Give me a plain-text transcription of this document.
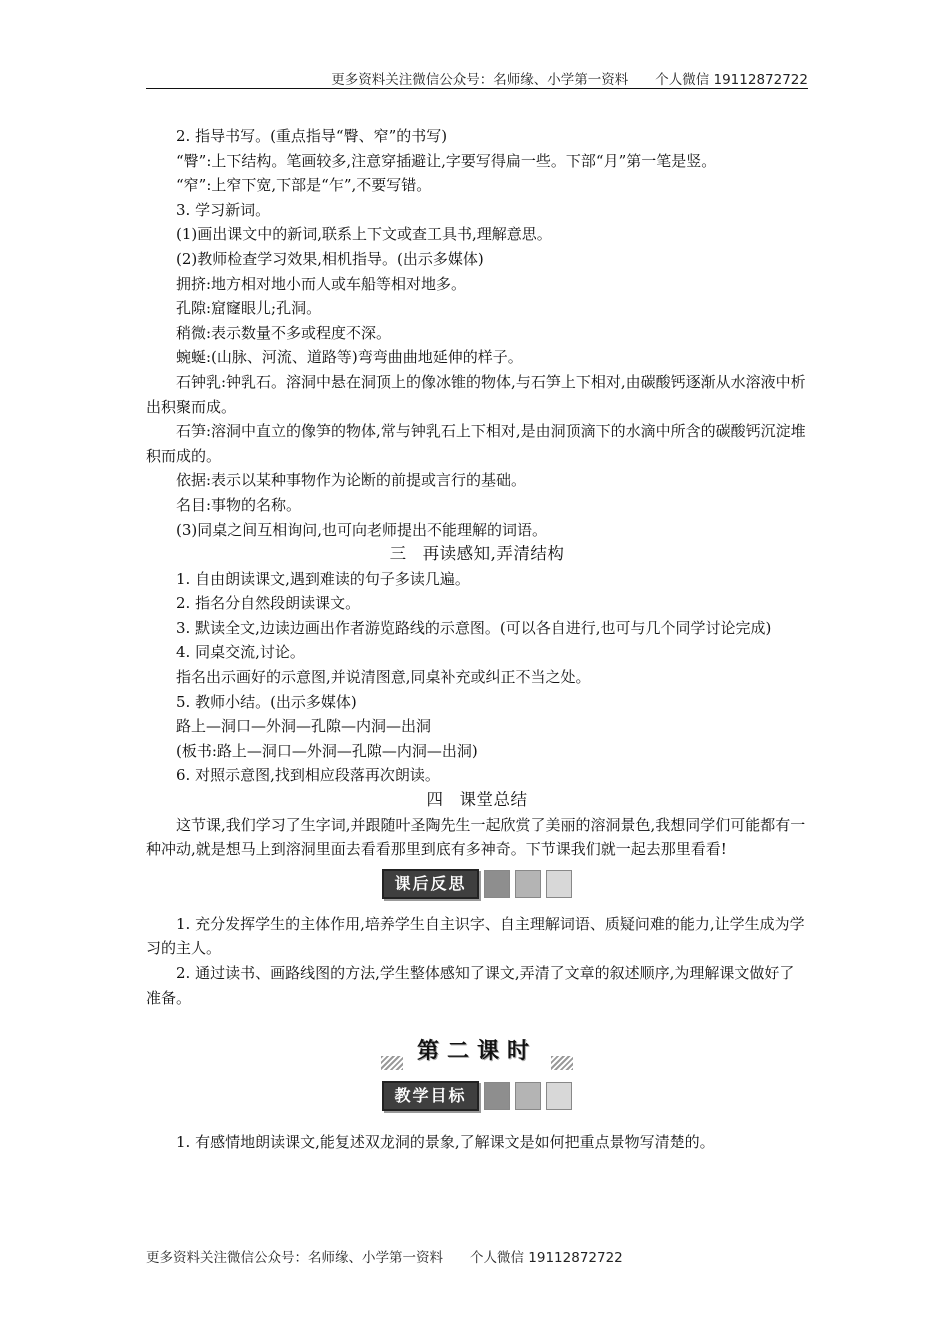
更多资料关注微信公众号：名师缘、小学第一资料　　个人微信 19112872722

2. 指导书写。(重点指导“臀、窄”的书写)

“臀”:上下结构。笔画较多,注意穿插避让,字要写得扁一些。下部“月”第一笔是竖。

“窄”:上窄下宽,下部是“乍”,不要写错。

3. 学习新词。

(1)画出课文中的新词,联系上下文或查工具书,理解意思。

(2)教师检查学习效果,相机指导。(出示多媒体)

拥挤:地方相对地小而人或车船等相对地多。

孔隙:窟窿眼儿;孔洞。

稍微:表示数量不多或程度不深。

蜿蜒:(山脉、河流、道路等)弯弯曲曲地延伸的样子。

石钟乳:钟乳石。溶洞中悬在洞顶上的像冰锥的物体,与石笋上下相对,由碳酸钙逐渐从水溶液中析出积聚而成。

石笋:溶洞中直立的像笋的物体,常与钟乳石上下相对,是由洞顶滴下的水滴中所含的碳酸钙沉淀堆积而成的。

依据:表示以某种事物作为论断的前提或言行的基础。

名目:事物的名称。

(3)同桌之间互相询问,也可向老师提出不能理解的词语。

三 再读感知,弄清结构

1. 自由朗读课文,遇到难读的句子多读几遍。

2. 指名分自然段朗读课文。

3. 默读全文,边读边画出作者游览路线的示意图。(可以各自进行,也可与几个同学讨论完成)

4. 同桌交流,讨论。

指名出示画好的示意图,并说清图意,同桌补充或纠正不当之处。

5. 教师小结。(出示多媒体)

路上—洞口—外洞—孔隙—内洞—出洞

(板书:路上—洞口—外洞—孔隙—内洞—出洞)

6. 对照示意图,找到相应段落再次朗读。

四 课堂总结

这节课,我们学习了生字词,并跟随叶圣陶先生一起欣赏了美丽的溶洞景色,我想同学们可能都有一种冲动,就是想马上到溶洞里面去看看那里到底有多神奇。下节课我们就一起去那里看看!

课后反思

1. 充分发挥学生的主体作用,培养学生自主识字、自主理解词语、质疑问难的能力,让学生成为学习的主人。

2. 通过读书、画路线图的方法,学生整体感知了课文,弄清了文章的叙述顺序,为理解课文做好了准备。

第二课时
教学目标

1. 有感情地朗读课文,能复述双龙洞的景象,了解课文是如何把重点景物写清楚的。

更多资料关注微信公众号：名师缘、小学第一资料　　个人微信 19112872722
